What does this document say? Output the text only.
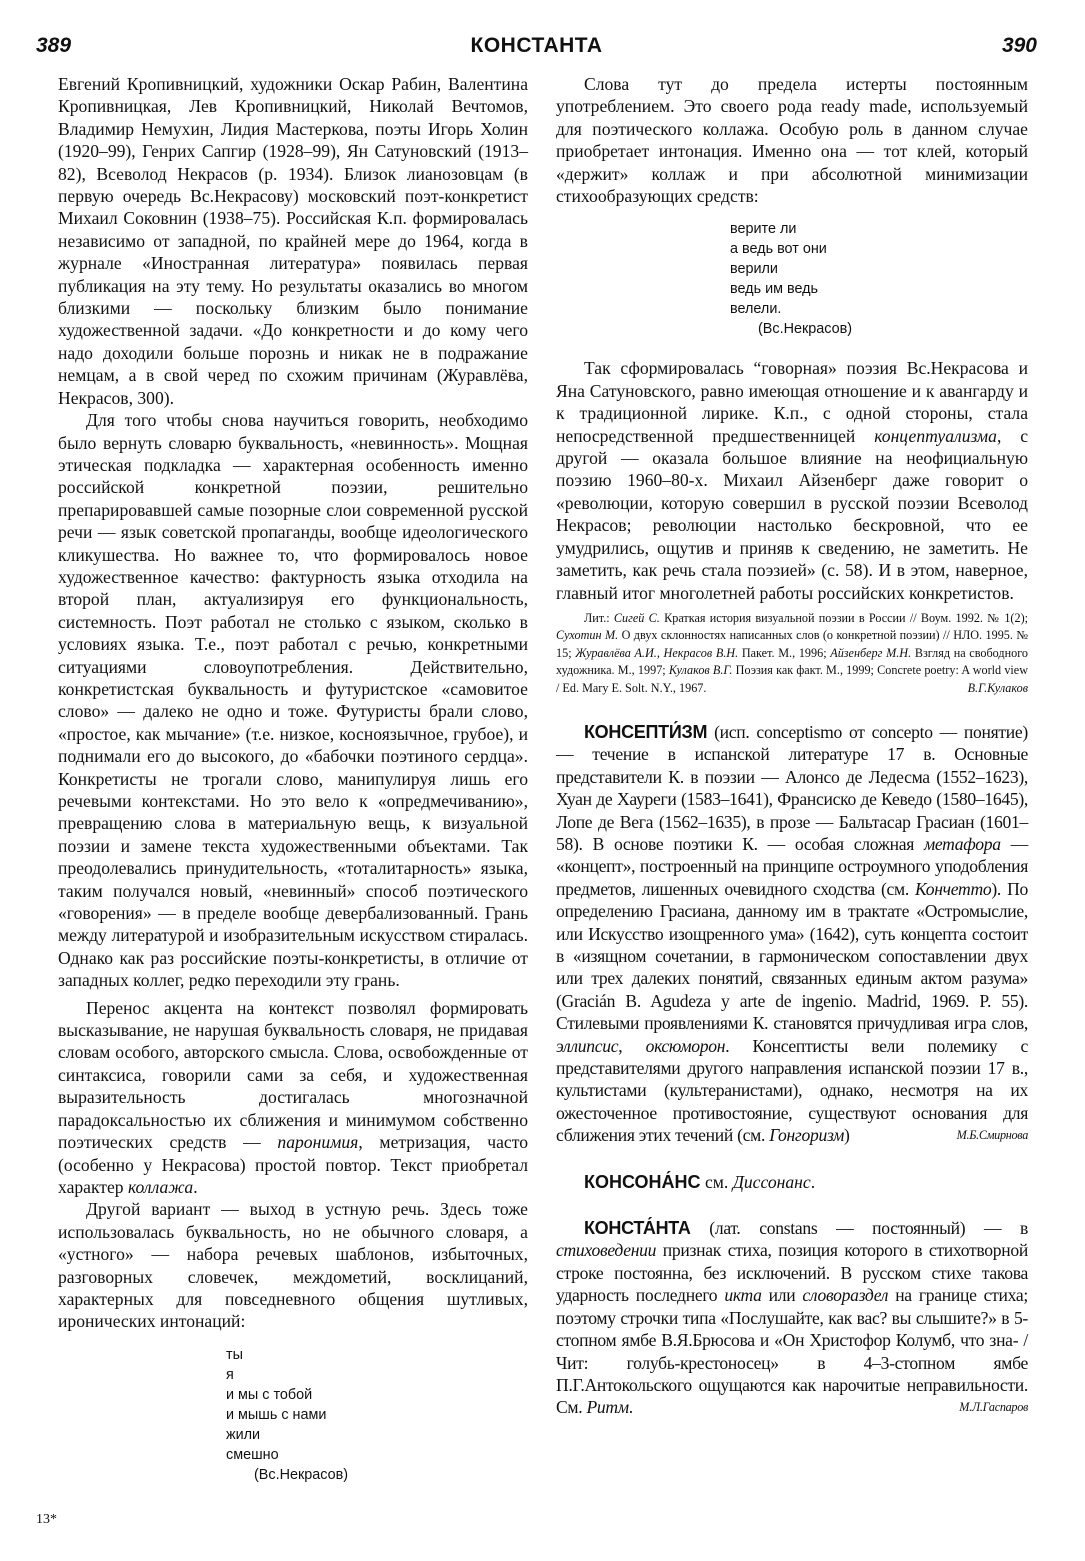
389	КОНСТАНТА	390

Евгений Кропивницкий, художники Оскар Рабин, Валентина Кропивницкая, Лев Кропивницкий, Николай Вечтомов, Владимир Немухин, Лидия Мастеркова, поэты Игорь Холин (1920–99), Генрих Сапгир (1928–99), Ян Сатуновский (1913–82), Всеволод Некрасов (р. 1934). Близок лианозовцам (в первую очередь Вс.Некрасову) московский поэт-конкретист Михаил Соковнин (1938–75). Российская К.п. формировалась независимо от западной, по крайней мере до 1964, когда в журнале «Иностранная литература» появилась первая публикация на эту тему. Но результаты оказались во многом близкими — поскольку близким было понимание художественной задачи. «До конкретности и до кому чего надо доходили больше порознь и никак не в подражание немцам, а в свой черед по схожим причинам (Журавлёва, Некрасов, 300).

Для того чтобы снова научиться говорить, необходимо было вернуть словарю буквальность, «невинность». Мощная этическая подкладка — характерная особенность именно российской конкретной поэзии, решительно препарировавшей самые позорные слои современной русской речи — язык советской пропаганды, вообще идеологического кликушества. Но важнее то, что формировалось новое художественное качество: фактурность языка отходила на второй план, актуализируя его функциональность, системность. Поэт работал не столько с языком, сколько в условиях языка. Т.е., поэт работал с речью, конкретными ситуациями словоупотребления. Действительно, конкретистская буквальность и футуристское «самовитое слово» — далеко не одно и тоже. Футуристы брали слово, «простое, как мычание» (т.е. низкое, косноязычное, грубое), и поднимали его до высокого, до «бабочки поэтиного сердца». Конкретисты не трогали слово, манипулируя лишь его речевыми контекстами. Но это вело к «опредмечиванию», превращению слова в материальную вещь, к визуальной поэзии и замене текста художественными объектами. Так преодолевались принудительность, «тоталитарность» языка, таким получался новый, «невинный» способ поэтического «говорения» — в пределе вообще девербализованный. Грань между литературой и изобразительным искусством стиралась. Однако как раз российские поэты-конкретисты, в отличие от западных коллег, редко переходили эту грань.

Перенос акцента на контекст позволял формировать высказывание, не нарушая буквальность словаря, не придавая словам особого, авторского смысла. Слова, освобожденные от синтаксиса, говорили сами за себя, и художественная выразительность достигалась многозначной парадоксальностью их сближения и минимумом собственно поэтических средств — паронимия, метризация, часто (особенно у Некрасова) простой повтор. Текст приобретал характер коллажа.

Другой вариант — выход в устную речь. Здесь тоже использовалась буквальность, но не обычного словаря, а «устного» — набора речевых шаблонов, избыточных, разговорных словечек, междометий, восклицаний, характерных для повседневного общения шутливых, иронических интонаций:

ты
я
и мы с тобой
и мышь с нами
жили
смешно
(Вс.Некрасов)

Слова тут до предела истерты постоянным употреблением. Это своего рода ready made, используемый для поэтического коллажа. Особую роль в данном случае приобретает интонация. Именно она — тот клей, который «держит» коллаж и при абсолютной минимизации стихообразующих средств:

верите ли
а ведь вот они
верили
ведь им ведь
велели.
(Вс.Некрасов)

Так сформировалась “говорная» поэзия Вс.Некрасова и Яна Сатуновского, равно имеющая отношение и к авангарду и к традиционной лирике. К.п., с одной стороны, стала непосредственной предшественницей концептуализма, с другой — оказала большое влияние на неофициальную поэзию 1960–80-х. Михаил Айзенберг даже говорит о «революции, которую совершил в русской поэзии Всеволод Некрасов; революции настолько бескровной, что ее умудрились, ощутив и приняв к сведению, не заметить. Не заметить, как речь стала поэзией» (с. 58). И в этом, наверное, главный итог многолетней работы российских конкретистов.

Лит.: Сигей С. Краткая история визуальной поэзии в России // Воум. 1992. № 1(2); Сухотин М. О двух склонностях написанных слов (о конкретной поэзии) // НЛО. 1995. № 15; Журавлёва А.И., Некрасов В.Н. Пакет. М., 1996; Айзенберг М.Н. Взгляд на свободного художника. М., 1997; Кулаков В.Г. Поэзия как факт. М., 1999; Concrete poetry: A world view / Ed. Mary E. Solt. N.Y., 1967.	В.Г.Кулаков

КОНСЕПТИ́ЗМ (исп. conceptismo от concepto — понятие) — течение в испанской литературе 17 в. Основные представители К. в поэзии — Алонсо де Ледесма (1552–1623), Хуан де Хауреги (1583–1641), Франсиско де Кеведо (1580–1645), Лопе де Вега (1562–1635), в прозе — Бальтасар Грасиан (1601–58). В основе поэтики К. — особая сложная метафора — «концепт», построенный на принципе остроумного уподобления предметов, лишенных очевидного сходства (см. Кончетто). По определению Грасиана, данному им в трактате «Остромыслие, или Искусство изощренного ума» (1642), суть концепта состоит в «изящном сочетании, в гармоническом сопоставлении двух или трех далеких понятий, связанных единым актом разума» (Gracián B. Agudeza y arte de ingenio. Madrid, 1969. P. 55). Стилевыми проявлениями К. становятся причудливая игра слов, эллипсис, оксюморон. Консептисты вели полемику с представителями другого направления испанской поэзии 17 в., культистами (культеранистами), однако, несмотря на их ожесточенное противостояние, существуют основания для сближения этих течений (см. Гонгоризм)	М.Б.Смирнова

КОНСОНА́НС см. Диссонанс.

КОНСТА́НТА (лат. constans — постоянный) — в стиховедении признак стиха, позиция которого в стихотворной строке постоянна, без исключений. В русском стихе такова ударность последнего икта или словораздел на границе стиха; поэтому строчки типа «Послушайте, как вас? вы слышите?» в 5-стопном ямбе В.Я.Брюсова и «Он Христофор Колумб, что зна- / Чит: голубь-крестоносец» в 4–3-стопном ямбе П.Г.Антокольского ощущаются как нарочитые неправильности. См. Ритм.	М.Л.Гаспаров

13*
